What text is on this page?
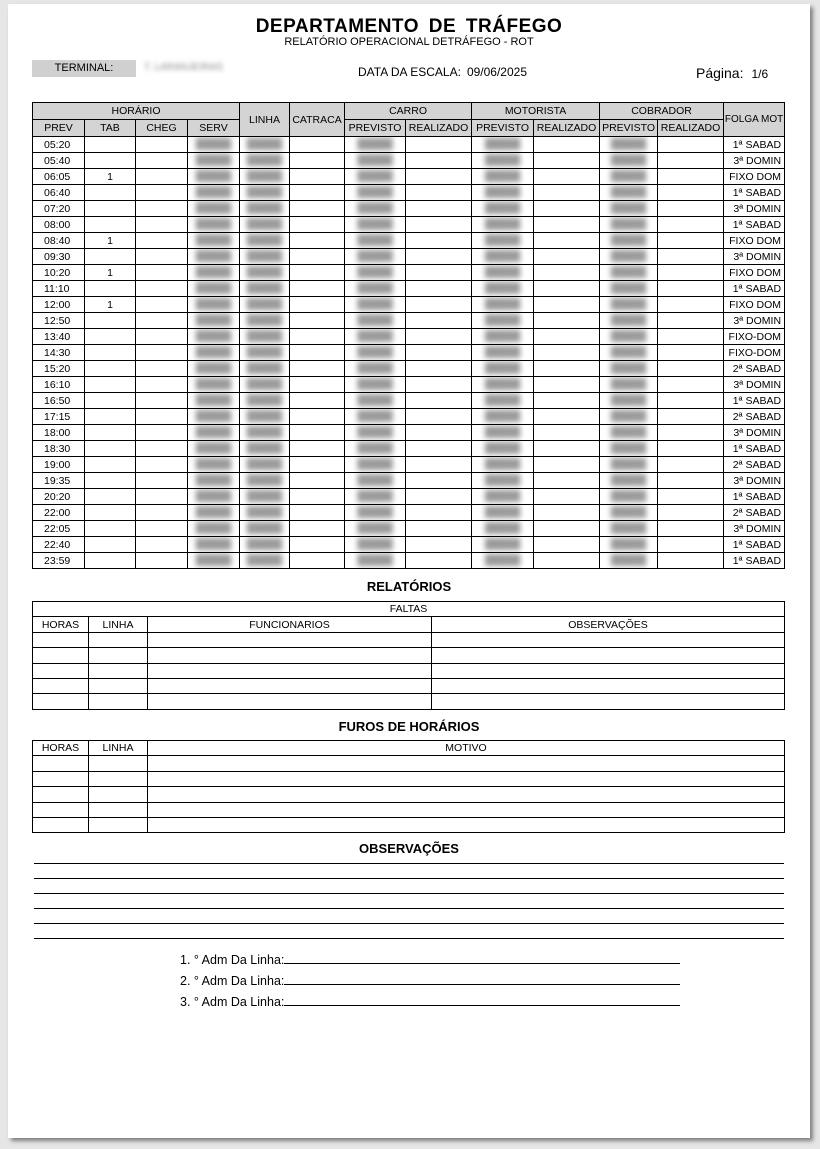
DEPARTAMENTO DE TRÁFEGO
RELATÓRIO OPERACIONAL DETRÁFEGO - ROT
TERMINAL:	T. LARANJEIRAS	DATA DA ESCALA: 09/06/2025	Página: 1/6
HORÁRIO				LINHA	CATRACA	CARRO		MOTORISTA		COBRADOR		FOLGA MOT
PREV	TAB	CHEG	SERV			PREVISTO	REALIZADO	PREVISTO	REALIZADO	PREVISTO	REALIZADO	
05:20			█████	█████		█████		█████		█████		1ª SABAD
05:40			█████	█████		█████		█████		█████		3ª DOMIN
06:05	1		█████	█████		█████		█████		█████		FIXO DOM
06:40			█████	█████		█████		█████		█████		1ª SABAD
07:20			█████	█████		█████		█████		█████		3ª DOMIN
08:00			█████	█████		█████		█████		█████		1ª SABAD
08:40	1		█████	█████		█████		█████		█████		FIXO DOM
09:30			█████	█████		█████		█████		█████		3ª DOMIN
10:20	1		█████	█████		█████		█████		█████		FIXO DOM
11:10			█████	█████		█████		█████		█████		1ª SABAD
12:00	1		█████	█████		█████		█████		█████		FIXO DOM
12:50			█████	█████		█████		█████		█████		3ª DOMIN
13:40			█████	█████		█████		█████		█████		FIXO-DOM
14:30			█████	█████		█████		█████		█████		FIXO-DOM
15:20			█████	█████		█████		█████		█████		2ª SABAD
16:10			█████	█████		█████		█████		█████		3ª DOMIN
16:50			█████	█████		█████		█████		█████		1ª SABAD
17:15			█████	█████		█████		█████		█████		2ª SABAD
18:00			█████	█████		█████		█████		█████		3ª DOMIN
18:30			█████	█████		█████		█████		█████		1ª SABAD
19:00			█████	█████		█████		█████		█████		2ª SABAD
19:35			█████	█████		█████		█████		█████		3ª DOMIN
20:20			█████	█████		█████		█████		█████		1ª SABAD
22:00			█████	█████		█████		█████		█████		2ª SABAD
22:05			█████	█████		█████		█████		█████		3ª DOMIN
22:40			█████	█████		█████		█████		█████		1ª SABAD
23:59			█████	█████		█████		█████		█████		1ª SABAD
RELATÓRIOS
FALTAS			
HORAS	LINHA	FUNCIONARIOS	OBSERVAÇÕES

FUROS DE HORÁRIOS
HORAS	LINHA	MOTIVO

OBSERVAÇÕES
1. ° Adm Da Linha:
2. ° Adm Da Linha:
3. ° Adm Da Linha:
